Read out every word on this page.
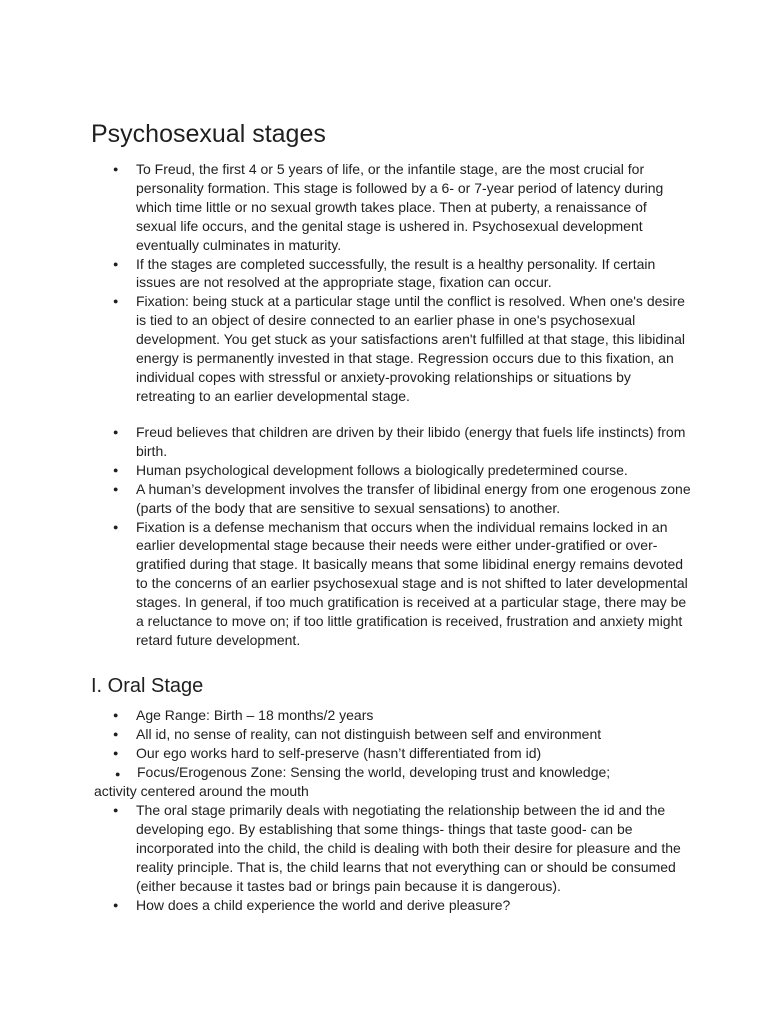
Psychosexual stages
● To Freud, the first 4 or 5 years of life, or the infantile stage, are the most crucial for personality formation. This stage is followed by a 6- or 7-year period of latency during which time little or no sexual growth takes place. Then at puberty, a renaissance of sexual life occurs, and the genital stage is ushered in. Psychosexual development eventually culminates in maturity.
● If the stages are completed successfully, the result is a healthy personality. If certain issues are not resolved at the appropriate stage, fixation can occur.
● Fixation: being stuck at a particular stage until the conflict is resolved. When one's desire is tied to an object of desire connected to an earlier phase in one's psychosexual development. You get stuck as your satisfactions aren't fulfilled at that stage, this libidinal energy is permanently invested in that stage. Regression occurs due to this fixation, an individual copes with stressful or anxiety-provoking relationships or situations by retreating to an earlier developmental stage.
● Freud believes that children are driven by their libido (energy that fuels life instincts) from birth.
● Human psychological development follows a biologically predetermined course.
● A human’s development involves the transfer of libidinal energy from one erogenous zone (parts of the body that are sensitive to sexual sensations) to another.
● Fixation is a defense mechanism that occurs when the individual remains locked in an earlier developmental stage because their needs were either under-gratified or over-gratified during that stage. It basically means that some libidinal energy remains devoted to the concerns of an earlier psychosexual stage and is not shifted to later developmental stages. In general, if too much gratification is received at a particular stage, there may be a reluctance to move on; if too little gratification is received, frustration and anxiety might retard future development.
I. Oral Stage
● Age Range: Birth – 18 months/2 years
● All id, no sense of reality, can not distinguish between self and environment
● Our ego works hard to self-preserve (hasn’t differentiated from id)
● Focus/Erogenous Zone: Sensing the world, developing trust and knowledge;
activity centered around the mouth
● The oral stage primarily deals with negotiating the relationship between the id and the developing ego. By establishing that some things- things that taste good- can be incorporated into the child, the child is dealing with both their desire for pleasure and the reality principle. That is, the child learns that not everything can or should be consumed (either because it tastes bad or brings pain because it is dangerous).
● How does a child experience the world and derive pleasure?
